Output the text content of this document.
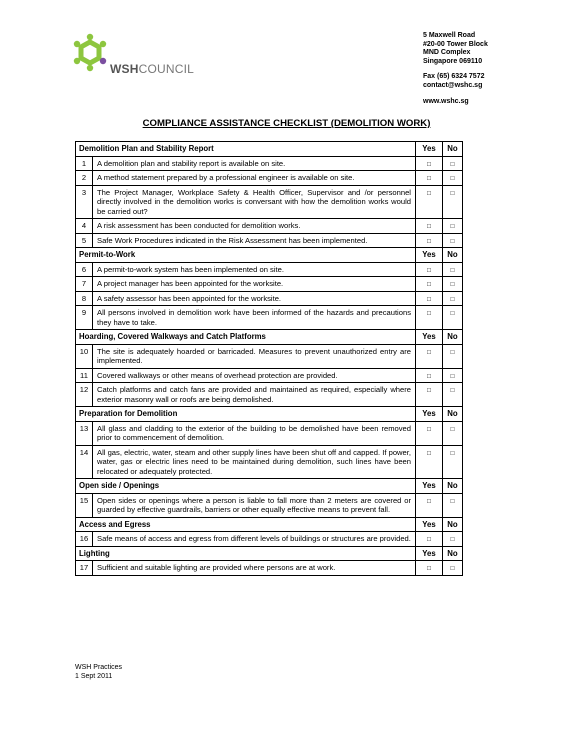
WSHCOUNCIL
5 Maxwell Road
#20-00 Tower Block
MND Complex
Singapore 069110
Fax (65) 6324 7572
contact@wshc.sg
www.wshc.sg
COMPLIANCE ASSISTANCE CHECKLIST (DEMOLITION WORK)
Demolition Plan and Stability Report		Yes	No
1	A demolition plan and stability report is available on site.	□	□
2	A method statement prepared by a professional engineer is available on site.	□	□
3	The Project Manager, Workplace Safety & Health Officer, Supervisor and /or personnel directly involved in the demolition works is conversant with how the demolition works would be carried out?	□	□
4	A risk assessment has been conducted for demolition works.	□	□
5	Safe Work Procedures indicated in the Risk Assessment has been implemented.	□	□
Permit-to-Work		Yes	No
6	A permit-to-work system has been implemented on site.	□	□
7	A project manager has been appointed for the worksite.	□	□
8	A safety assessor has been appointed for the worksite.	□	□
9	All persons involved in demolition work have been informed of the hazards and precautions they have to take.	□	□
Hoarding, Covered Walkways and Catch Platforms		Yes	No
10	The site is adequately hoarded or barricaded. Measures to prevent unauthorized entry are implemented.	□	□
11	Covered walkways or other means of overhead protection are provided.	□	□
12	Catch platforms and catch fans are provided and maintained as required, especially where exterior masonry wall or roofs are being demolished.	□	□
Preparation for Demolition		Yes	No
13	All glass and cladding to the exterior of the building to be demolished have been removed prior to commencement of demolition.	□	□
14	All gas, electric, water, steam and other supply lines have been shut off and capped. If power, water, gas or electric lines need to be maintained during demolition, such lines have been relocated or adequately protected.	□	□
Open side / Openings		Yes	No
15	Open sides or openings where a person is liable to fall more than 2 meters are covered or guarded by effective guardrails, barriers or other equally effective means to prevent fall.	□	□
Access and Egress		Yes	No
16	Safe means of access and egress from different levels of buildings or structures are provided.	□	□
Lighting		Yes	No
17	Sufficient and suitable lighting are provided where persons are at work.	□	□
WSH Practices
1 Sept 2011
